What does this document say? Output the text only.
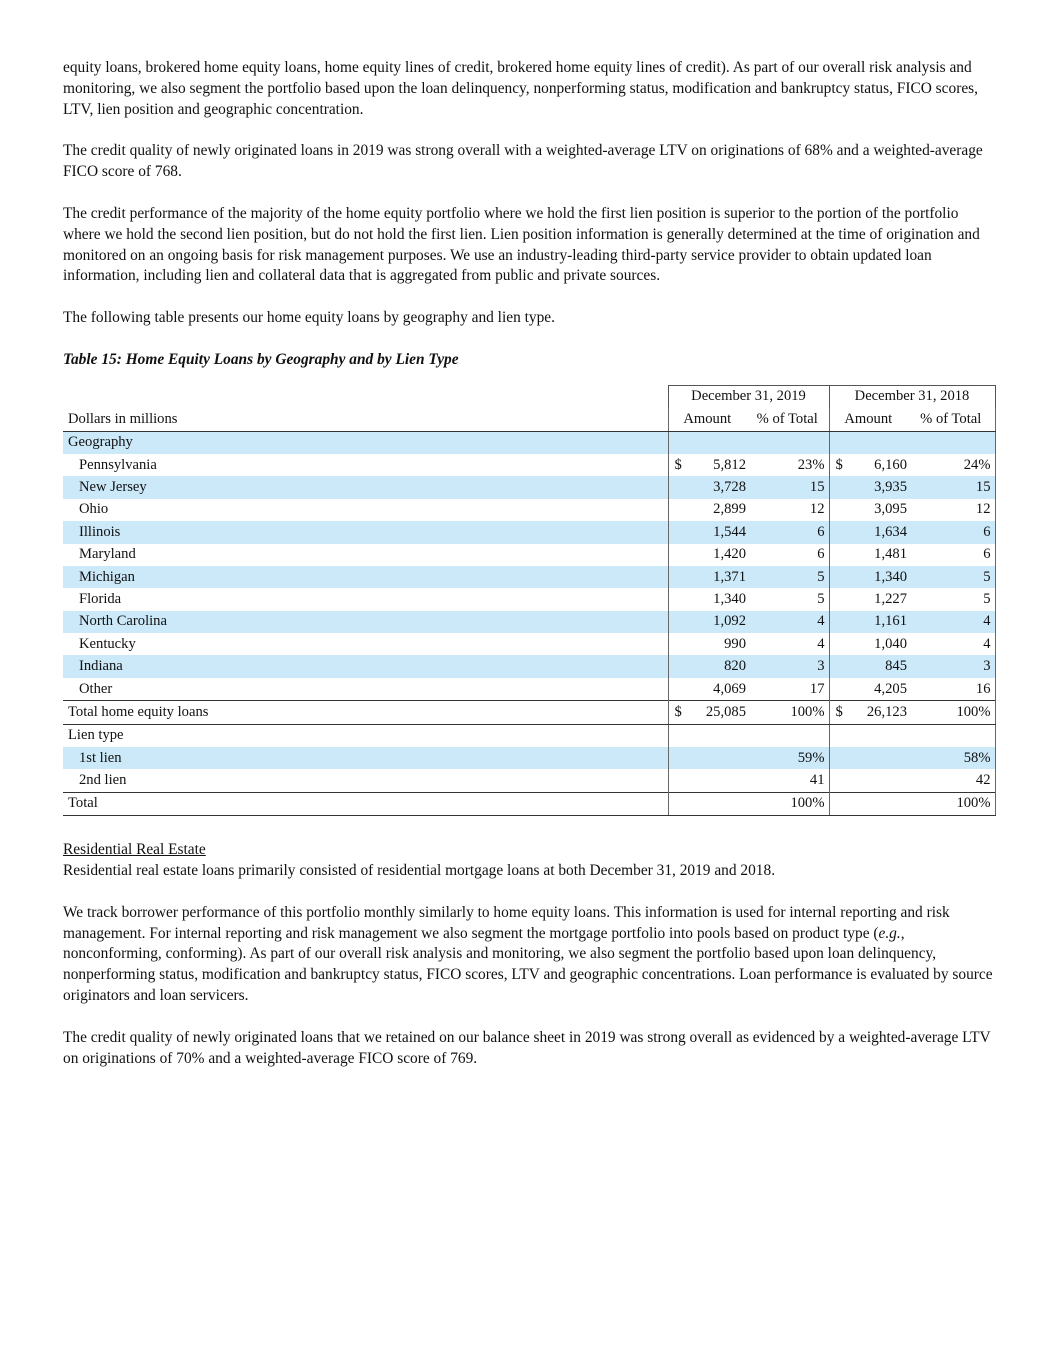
equity loans, brokered home equity loans, home equity lines of credit, brokered home equity lines of credit). As part of our overall risk analysis and monitoring, we also segment the portfolio based upon the loan delinquency, nonperforming status, modification and bankruptcy status, FICO scores, LTV, lien position and geographic concentration.

The credit quality of newly originated loans in 2019 was strong overall with a weighted-average LTV on originations of 68% and a weighted-average FICO score of 768.

The credit performance of the majority of the home equity portfolio where we hold the first lien position is superior to the portion of the portfolio where we hold the second lien position, but do not hold the first lien. Lien position information is generally determined at the time of origination and monitored on an ongoing basis for risk management purposes. We use an industry-leading third-party service provider to obtain updated loan information, including lien and collateral data that is aggregated from public and private sources.

The following table presents our home equity loans by geography and lien type.

Table 15: Home Equity Loans by Geography and by Lien Type
	December 31, 2019			December 31, 2018		
Dollars in millions	Amount		% of Total	Amount		% of Total
Geography						
Pennsylvania	$	5,812	23%	$	6,160	24%
New Jersey		3,728	15		3,935	15
Ohio		2,899	12		3,095	12
Illinois		1,544	6		1,634	6
Maryland		1,420	6		1,481	6
Michigan		1,371	5		1,340	5
Florida		1,340	5		1,227	5
North Carolina		1,092	4		1,161	4
Kentucky		990	4		1,040	4
Indiana		820	3		845	3
Other		4,069	17		4,205	16
Total home equity loans	$	25,085	100%	$	26,123	100%
Lien type						
1st lien			59%			58%
2nd lien			41			42
Total			100%			100%

Residential Real Estate

Residential real estate loans primarily consisted of residential mortgage loans at both December 31, 2019 and 2018.

We track borrower performance of this portfolio monthly similarly to home equity loans. This information is used for internal reporting and risk management. For internal reporting and risk management we also segment the mortgage portfolio into pools based on product type (e.g., nonconforming, conforming). As part of our overall risk analysis and monitoring, we also segment the portfolio based upon loan delinquency, nonperforming status, modification and bankruptcy status, FICO scores, LTV and geographic concentrations. Loan performance is evaluated by source originators and loan servicers.

The credit quality of newly originated loans that we retained on our balance sheet in 2019 was strong overall as evidenced by a weighted-average LTV on originations of 70% and a weighted-average FICO score of 769.
